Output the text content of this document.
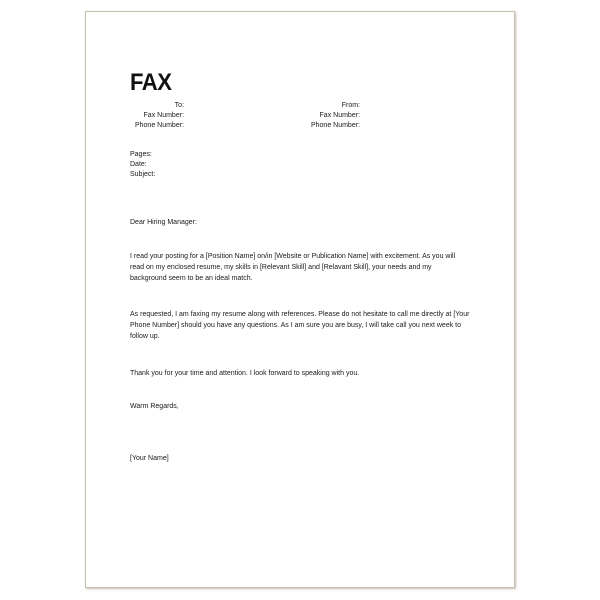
FAX
To:
Fax Number:
Phone Number:
From:
Fax Number:
Phone Number:
Pages:
Date:
Subject:
Dear Hiring Manager:
I read your posting for a [Position Name] on/in [Website or Publication Name] with excitement. As you will read on my enclosed resume, my skills in [Relevant Skill] and [Relavant Skill], your needs and my background seem to be an ideal match.
As requested, I am faxing my resume along with references. Please do not hesitate to call me directly at [Your Phone Number] should you have any questions. As I am sure you are busy, I will take call you next week to follow up.
Thank you for your time and attention. I look forward to speaking with you.
Warm Regards,
[Your Name]
